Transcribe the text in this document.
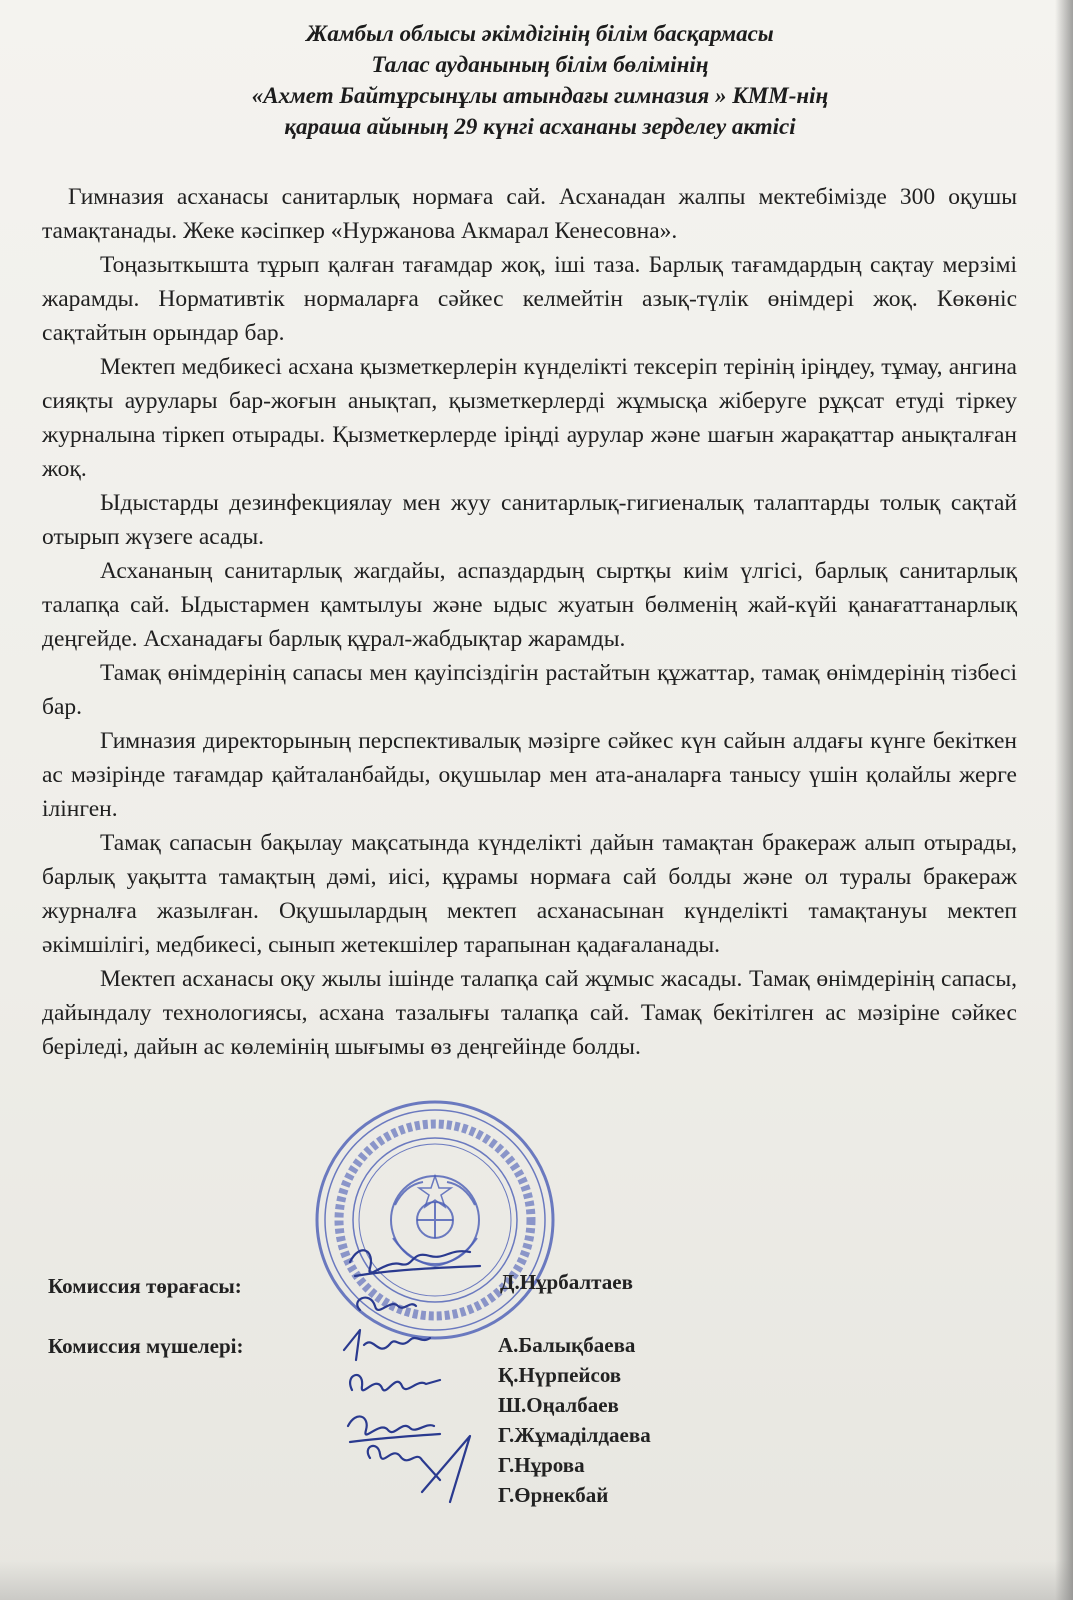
Жамбыл облысы әкімдігінің білім басқармасы
Талас ауданының білім бөлімінің
«Ахмет Байтұрсынұлы атындағы гимназия » КММ-нің
қараша айының 29 күнгі асхананы зерделеу актісі

Гимназия асханасы санитарлық нормаға сай. Асханадан жалпы мектебімізде 300 оқушы тамақтанады. Жеке кәсіпкер «Нуржанова Акмарал Кенесовна».

Тоңазыткышта тұрып қалған тағамдар жоқ, іші таза. Барлық тағамдардың сақтау мерзімі жарамды. Нормативтік нормаларға сәйкес келмейтін азық-түлік өнімдері жоқ. Көкөніс сақтайтын орындар бар.

Мектеп медбикесі асхана қызметкерлерін күнделікті тексеріп терінің іріңдеу, тұмау, ангина сияқты аурулары бар-жоғын анықтап, қызметкерлерді жұмысқа жіберуге рұқсат етуді тіркеу журналына тіркеп отырады. Қызметкерлерде іріңді аурулар және шағын жарақаттар анықталған жоқ.

Ыдыстарды дезинфекциялау мен жуу санитарлық-гигиеналық талаптарды толық сақтай отырып жүзеге асады.

Асхананың санитарлық жагдайы, аспаздардың сыртқы киім үлгісі, барлық санитарлық талапқа сай. Ыдыстармен қамтылуы және ыдыс жуатын бөлменің жай-күйі қанағаттанарлық деңгейде. Асханадағы барлық құрал-жабдықтар жарамды.

Тамақ өнімдерінің сапасы мен қауіпсіздігін растайтын құжаттар, тамақ өнімдерінің тізбесі бар.

Гимназия директорының перспективалық мәзірге сәйкес күн сайын алдағы күнге бекіткен ас мәзірінде тағамдар қайталанбайды, оқушылар мен ата-аналарға танысу үшін қолайлы жерге ілінген.

Тамақ сапасын бақылау мақсатында күнделікті дайын тамақтан бракераж алып отырады, барлық уақытта тамақтың дәмі, иісі, құрамы нормаға сай болды және ол туралы бракераж журналға жазылған. Оқушылардың мектеп асханасынан күнделікті тамақтануы мектеп әкімшілігі, медбикесі, сынып жетекшілер тарапынан қадағаланады.

Мектеп асханасы оқу жылы ішінде талапқа сай жұмыс жасады. Тамақ өнімдерінің сапасы, дайындалу технологиясы, асхана тазалығы талапқа сай. Тамақ бекітілген ас мәзіріне сәйкес беріледі, дайын ас көлемінің шығымы өз деңгейінде болды.

Комиссия төрағасы:	Д.Нұрбалтаев
Комиссия мүшелері:	А.Балықбаева
Қ.Нүрпейсов
Ш.Оңалбаев
Г.Жұмаділдаева
Г.Нұрова
Г.Өрнекбай
